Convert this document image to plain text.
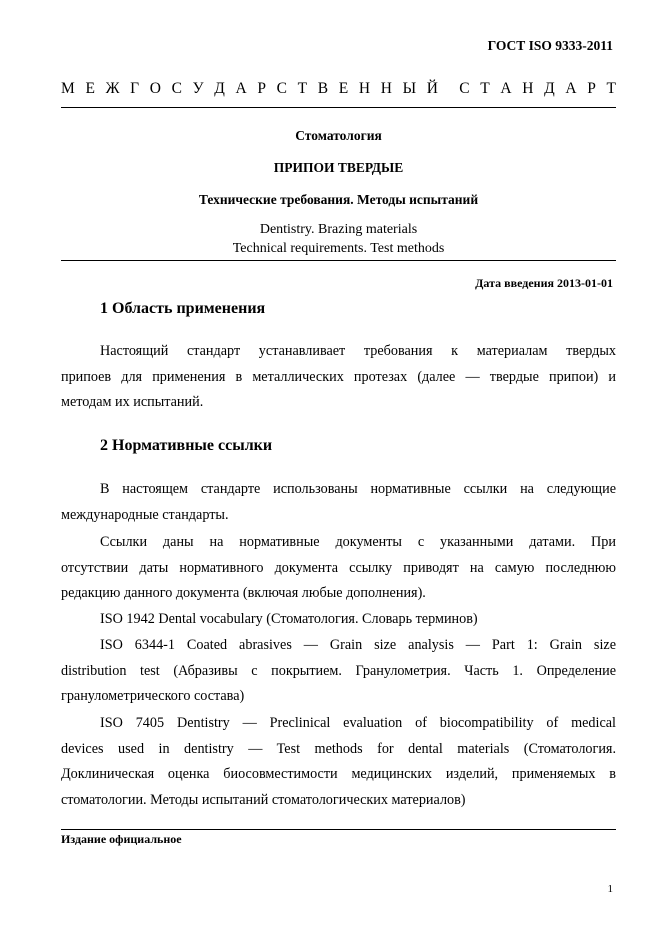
ГОСТ ISO 9333-2011
М Е Ж Г О С У Д А Р С Т В Е Н Н Ы Й С Т А Н Д А Р Т
Стоматология
ПРИПОИ ТВЕРДЫЕ
Технические требования. Методы испытаний
Dentistry. Brazing materials
Technical requirements. Test methods
Дата введения 2013-01-01
1 Область применения
Настоящий стандарт устанавливает требования к материалам твердых
припоев для применения в металлических протезах (далее — твердые припои) и
методам их испытаний.
2 Нормативные ссылки
В настоящем стандарте использованы нормативные ссылки на следующие
международные стандарты.
Ссылки даны на нормативные документы с указанными датами. При
отсутствии даты нормативного документа ссылку приводят на самую последнюю
редакцию данного документа (включая любые дополнения).
ISO 1942 Dental vocabulary (Стоматология. Словарь терминов)
ISO 6344-1 Coated abrasives — Grain size analysis — Part 1: Grain size
distribution test (Абразивы с покрытием. Гранулометрия. Часть 1. Определение
гранулометрического состава)
ISO 7405 Dentistry — Preclinical evaluation of biocompatibility of medical
devices used in dentistry — Test methods for dental materials (Стоматология.
Доклиническая оценка биосовместимости медицинских изделий, применяемых в
стоматологии. Методы испытаний стоматологических материалов)
Издание официальное
1
